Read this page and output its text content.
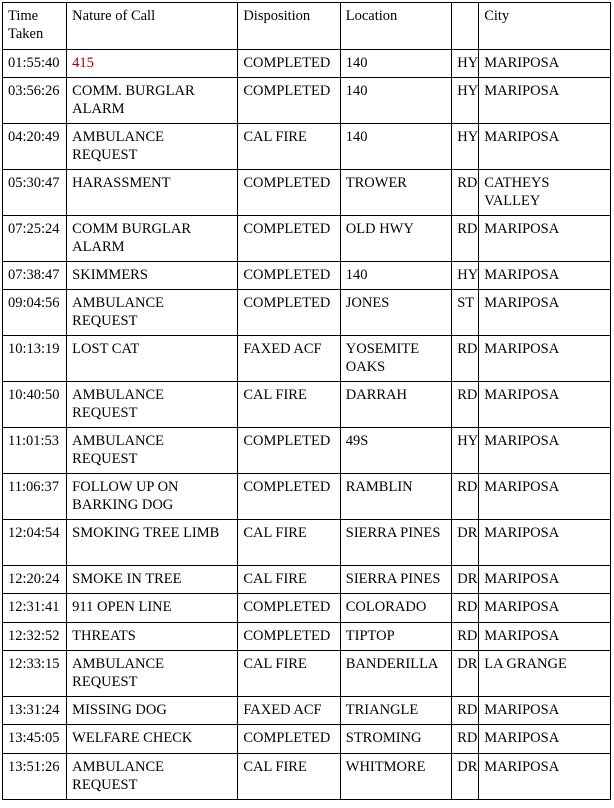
Time Taken	Nature of Call	Disposition	Location		City
01:55:40	415	COMPLETED	140	HY	MARIPOSA
03:56:26	COMM. BURGLAR ALARM	COMPLETED	140	HY	MARIPOSA
04:20:49	AMBULANCE REQUEST	CAL FIRE	140	HY	MARIPOSA
05:30:47	HARASSMENT	COMPLETED	TROWER	RD	CATHEYS VALLEY
07:25:24	COMM BURGLAR ALARM	COMPLETED	OLD HWY	RD	MARIPOSA
07:38:47	SKIMMERS	COMPLETED	140	HY	MARIPOSA
09:04:56	AMBULANCE REQUEST	COMPLETED	JONES	ST	MARIPOSA
10:13:19	LOST CAT	FAXED ACF	YOSEMITE OAKS	RD	MARIPOSA
10:40:50	AMBULANCE REQUEST	CAL FIRE	DARRAH	RD	MARIPOSA
11:01:53	AMBULANCE REQUEST	COMPLETED	49S	HY	MARIPOSA
11:06:37	FOLLOW UP ON BARKING DOG	COMPLETED	RAMBLIN	RD	MARIPOSA
12:04:54	SMOKING TREE LIMB	CAL FIRE	SIERRA PINES	DR	MARIPOSA
12:20:24	SMOKE IN TREE	CAL FIRE	SIERRA PINES	DR	MARIPOSA
12:31:41	911 OPEN LINE	COMPLETED	COLORADO	RD	MARIPOSA
12:32:52	THREATS	COMPLETED	TIPTOP	RD	MARIPOSA
12:33:15	AMBULANCE REQUEST	CAL FIRE	BANDERILLA	DR	LA GRANGE
13:31:24	MISSING DOG	FAXED ACF	TRIANGLE	RD	MARIPOSA
13:45:05	WELFARE CHECK	COMPLETED	STROMING	RD	MARIPOSA
13:51:26	AMBULANCE REQUEST	CAL FIRE	WHITMORE	DR	MARIPOSA
